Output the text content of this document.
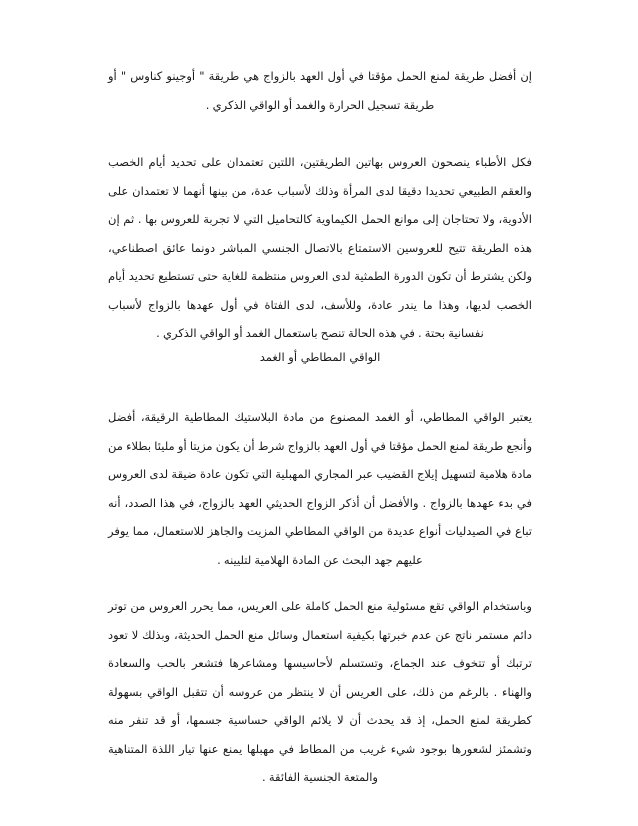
إن أفضل طريقة لمنع الحمل مؤقتا في أول العهد بالزواج هي طريقة " أوجينو كناوس " أو طريقة تسجيل الحرارة والغمد أو الواقي الذكري .

فكل الأطباء ينصحون العروس بهاتين الطريقتين، اللتين تعتمدان على تحديد أيام الخصب والعقم الطبيعي تحديدا دقيقا لدى المرأة وذلك لأسباب عدة، من بينها أنهما لا تعتمدان على الأدوية، ولا تحتاجان إلى موانع الحمل الكيماوية كالتحاميل التي لا تجربة للعروس بها . ثم إن هذه الطريقة تتيح للعروسين الاستمتاع بالاتصال الجنسي المباشر دونما عائق اصطناعي، ولكن يشترط أن تكون الدورة الطمثية لدى العروس منتظمة للغاية حتى تستطيع تحديد أيام الخصب لديها، وهذا ما يندر عادة، وللأسف، لدى الفتاة في أول عهدها بالزواج لأسباب نفسانية بحتة . في هذه الحالة تنصح باستعمال الغمد أو الواقي الذكري .

الواقي المطاطي أو الغمد

يعتبر الواقي المطاطي، أو الغمد المصنوع من مادة البلاستيك المطاطية الرقيقة، أفضل وأنجع طريقة لمنع الحمل مؤقتا في أول العهد بالزواج شرط أن يكون مزيتا أو مليئا بطلاء من مادة هلامية لتسهيل إيلاج القضيب عبر المجاري المهبلية التي تكون عادة ضيقة لدى العروس في بدء عهدها بالزواج . والأفضل أن أذكر الزواج الحديثي العهد بالزواج، في هذا الصدد، أنه تباع في الصيدليات أنواع عديدة من الواقي المطاطي المزيت والجاهز للاستعمال، مما يوفر عليهم جهد البحث عن المادة الهلامية لتليينه .

وباستخدام الواقي تقع مسئولية منع الحمل كاملة على العريس، مما يحرر العروس من توتر دائم مستمر ناتج عن عدم خبرتها بكيفية استعمال وسائل منع الحمل الحديثة، وبذلك لا تعود ترتبك أو تتخوف عند الجماع، وتستسلم لأحاسيسها ومشاعرها فتشعر بالحب والسعادة والهناء . بالرغم من ذلك، على العريس أن لا ينتظر من عروسه أن تتقبل الواقي بسهولة كطريقة لمنع الحمل، إذ قد يحدث أن لا يلائم الواقي حساسية جسمها، أو قد تنفر منه وتشمئز لشعورها بوجود شيء غريب من المطاط في مهبلها يمنع عنها تيار اللذة المتناهية والمتعة الجنسية الفائقة .
